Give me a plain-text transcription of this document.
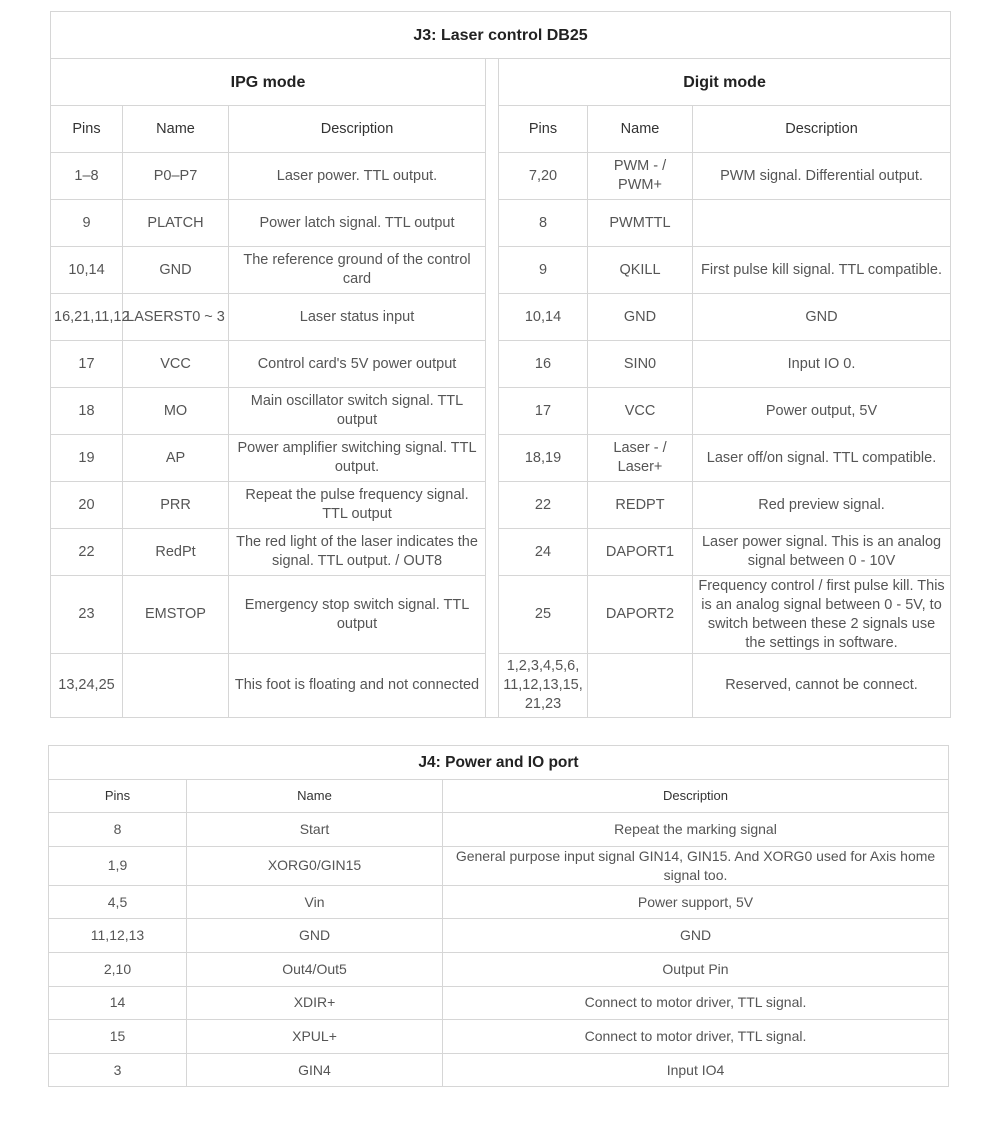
J3: Laser control DB25						
IPG mode				Digit mode		
Pins	Name	Description		Pins	Name	Description
1–8	P0–P7	Laser power. TTL output.		7,20	PWM - / PWM+	PWM signal. Differential output.
9	PLATCH	Power latch signal. TTL output		8	PWMTTL	
10,14	GND	The reference ground of the control card		9	QKILL	First pulse kill signal. TTL compatible.
16,21,11,12	LASERST0 ~ 3	Laser status input		10,14	GND	GND
17	VCC	Control card's 5V power output		16	SIN0	Input IO 0.
18	MO	Main oscillator switch signal. TTL output		17	VCC	Power output, 5V
19	AP	Power amplifier switching signal. TTL output.		18,19	Laser - / Laser+	Laser off/on signal. TTL compatible.
20	PRR	Repeat the pulse frequency signal. TTL output		22	REDPT	Red preview signal.
22	RedPt	The red light of the laser indicates the signal. TTL output. / OUT8		24	DAPORT1	Laser power signal. This is an analog signal between 0 - 10V
23	EMSTOP	Emergency stop switch signal. TTL output		25	DAPORT2	Frequency control / first pulse kill. This is an analog signal between 0 - 5V, to switch between these 2 signals use the settings in software.
13,24,25		This foot is floating and not connected		1,2,3,4,5,6, 11,12,13,15, 21,23		Reserved, cannot be connect.
J4: Power and IO port		
Pins	Name	Description
8	Start	Repeat the marking signal
1,9	XORG0/GIN15	General purpose input signal GIN14, GIN15. And XORG0 used for Axis home signal too.
4,5	Vin	Power support, 5V
11,12,13	GND	GND
2,10	Out4/Out5	Output Pin
14	XDIR+	Connect to motor driver, TTL signal.
15	XPUL+	Connect to motor driver, TTL signal.
3	GIN4	Input IO4
